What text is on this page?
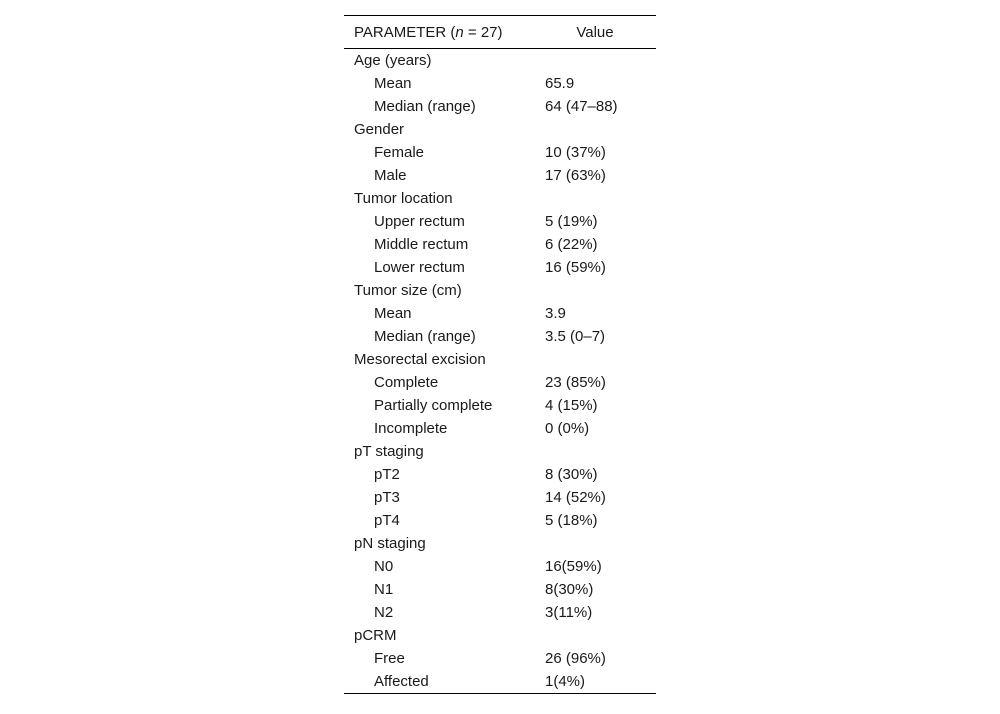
PARAMETER (n = 27)	Value
Age (years)	
Mean	65.9
Median (range)	64 (47–88)
Gender	
Female	10 (37%)
Male	17 (63%)
Tumor location	
Upper rectum	5 (19%)
Middle rectum	6 (22%)
Lower rectum	16 (59%)
Tumor size (cm)	
Mean	3.9
Median (range)	3.5 (0–7)
Mesorectal excision	
Complete	23 (85%)
Partially complete	4 (15%)
Incomplete	0 (0%)
pT staging	
pT2	8 (30%)
pT3	14 (52%)
pT4	5 (18%)
pN staging	
N0	16(59%)
N1	8(30%)
N2	3(11%)
pCRM	
Free	26 (96%)
Affected	1(4%)
